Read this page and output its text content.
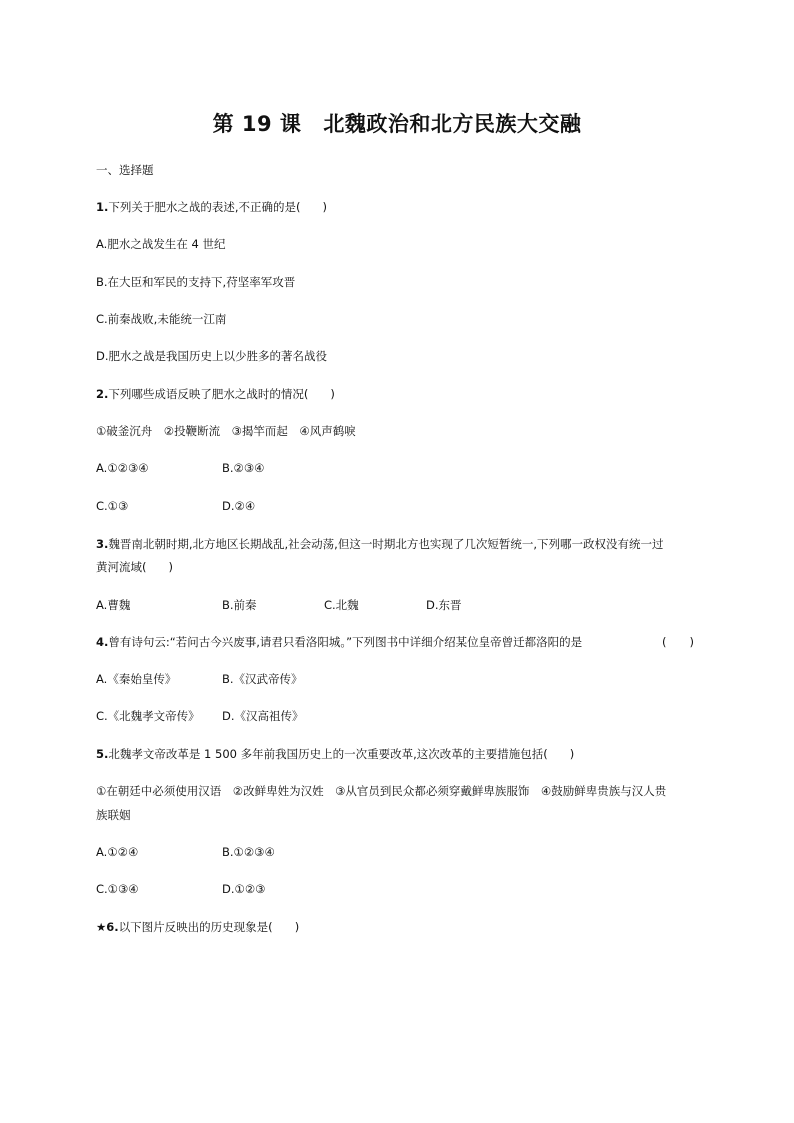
第 19 课 北魏政治和北方民族大交融
一、选择题
1.下列关于肥水之战的表述,不正确的是( )
A.肥水之战发生在 4 世纪
B.在大臣和军民的支持下,苻坚率军攻晋
C.前秦战败,未能统一江南
D.肥水之战是我国历史上以少胜多的著名战役
2.下列哪些成语反映了肥水之战时的情况( )
①破釜沉舟　②投鞭断流　③揭竿而起　④风声鹤唳
A.①②③④	B.②③④
C.①③	D.②④
3.魏晋南北朝时期,北方地区长期战乱,社会动荡,但这一时期北方也实现了几次短暂统一,下列哪一政权没有统一过
黄河流域( )
A.曹魏	B.前秦	C.北魏	D.东晋
4.曾有诗句云:“若问古今兴废事,请君只看洛阳城。”下列图书中详细介绍某位皇帝曾迁都洛阳的是	(　　)
A.《秦始皇传》	B.《汉武帝传》
C.《北魏孝文帝传》 D.《汉高祖传》
5.北魏孝文帝改革是 1 500 多年前我国历史上的一次重要改革,这次改革的主要措施包括( )
①在朝廷中必须使用汉语　②改鲜卑姓为汉姓　③从官员到民众都必须穿戴鲜卑族服饰　④鼓励鲜卑贵族与汉人贵
族联姻
A.①②④	B.①②③④
C.①③④	D.①②③
★6.以下图片反映出的历史现象是( )
